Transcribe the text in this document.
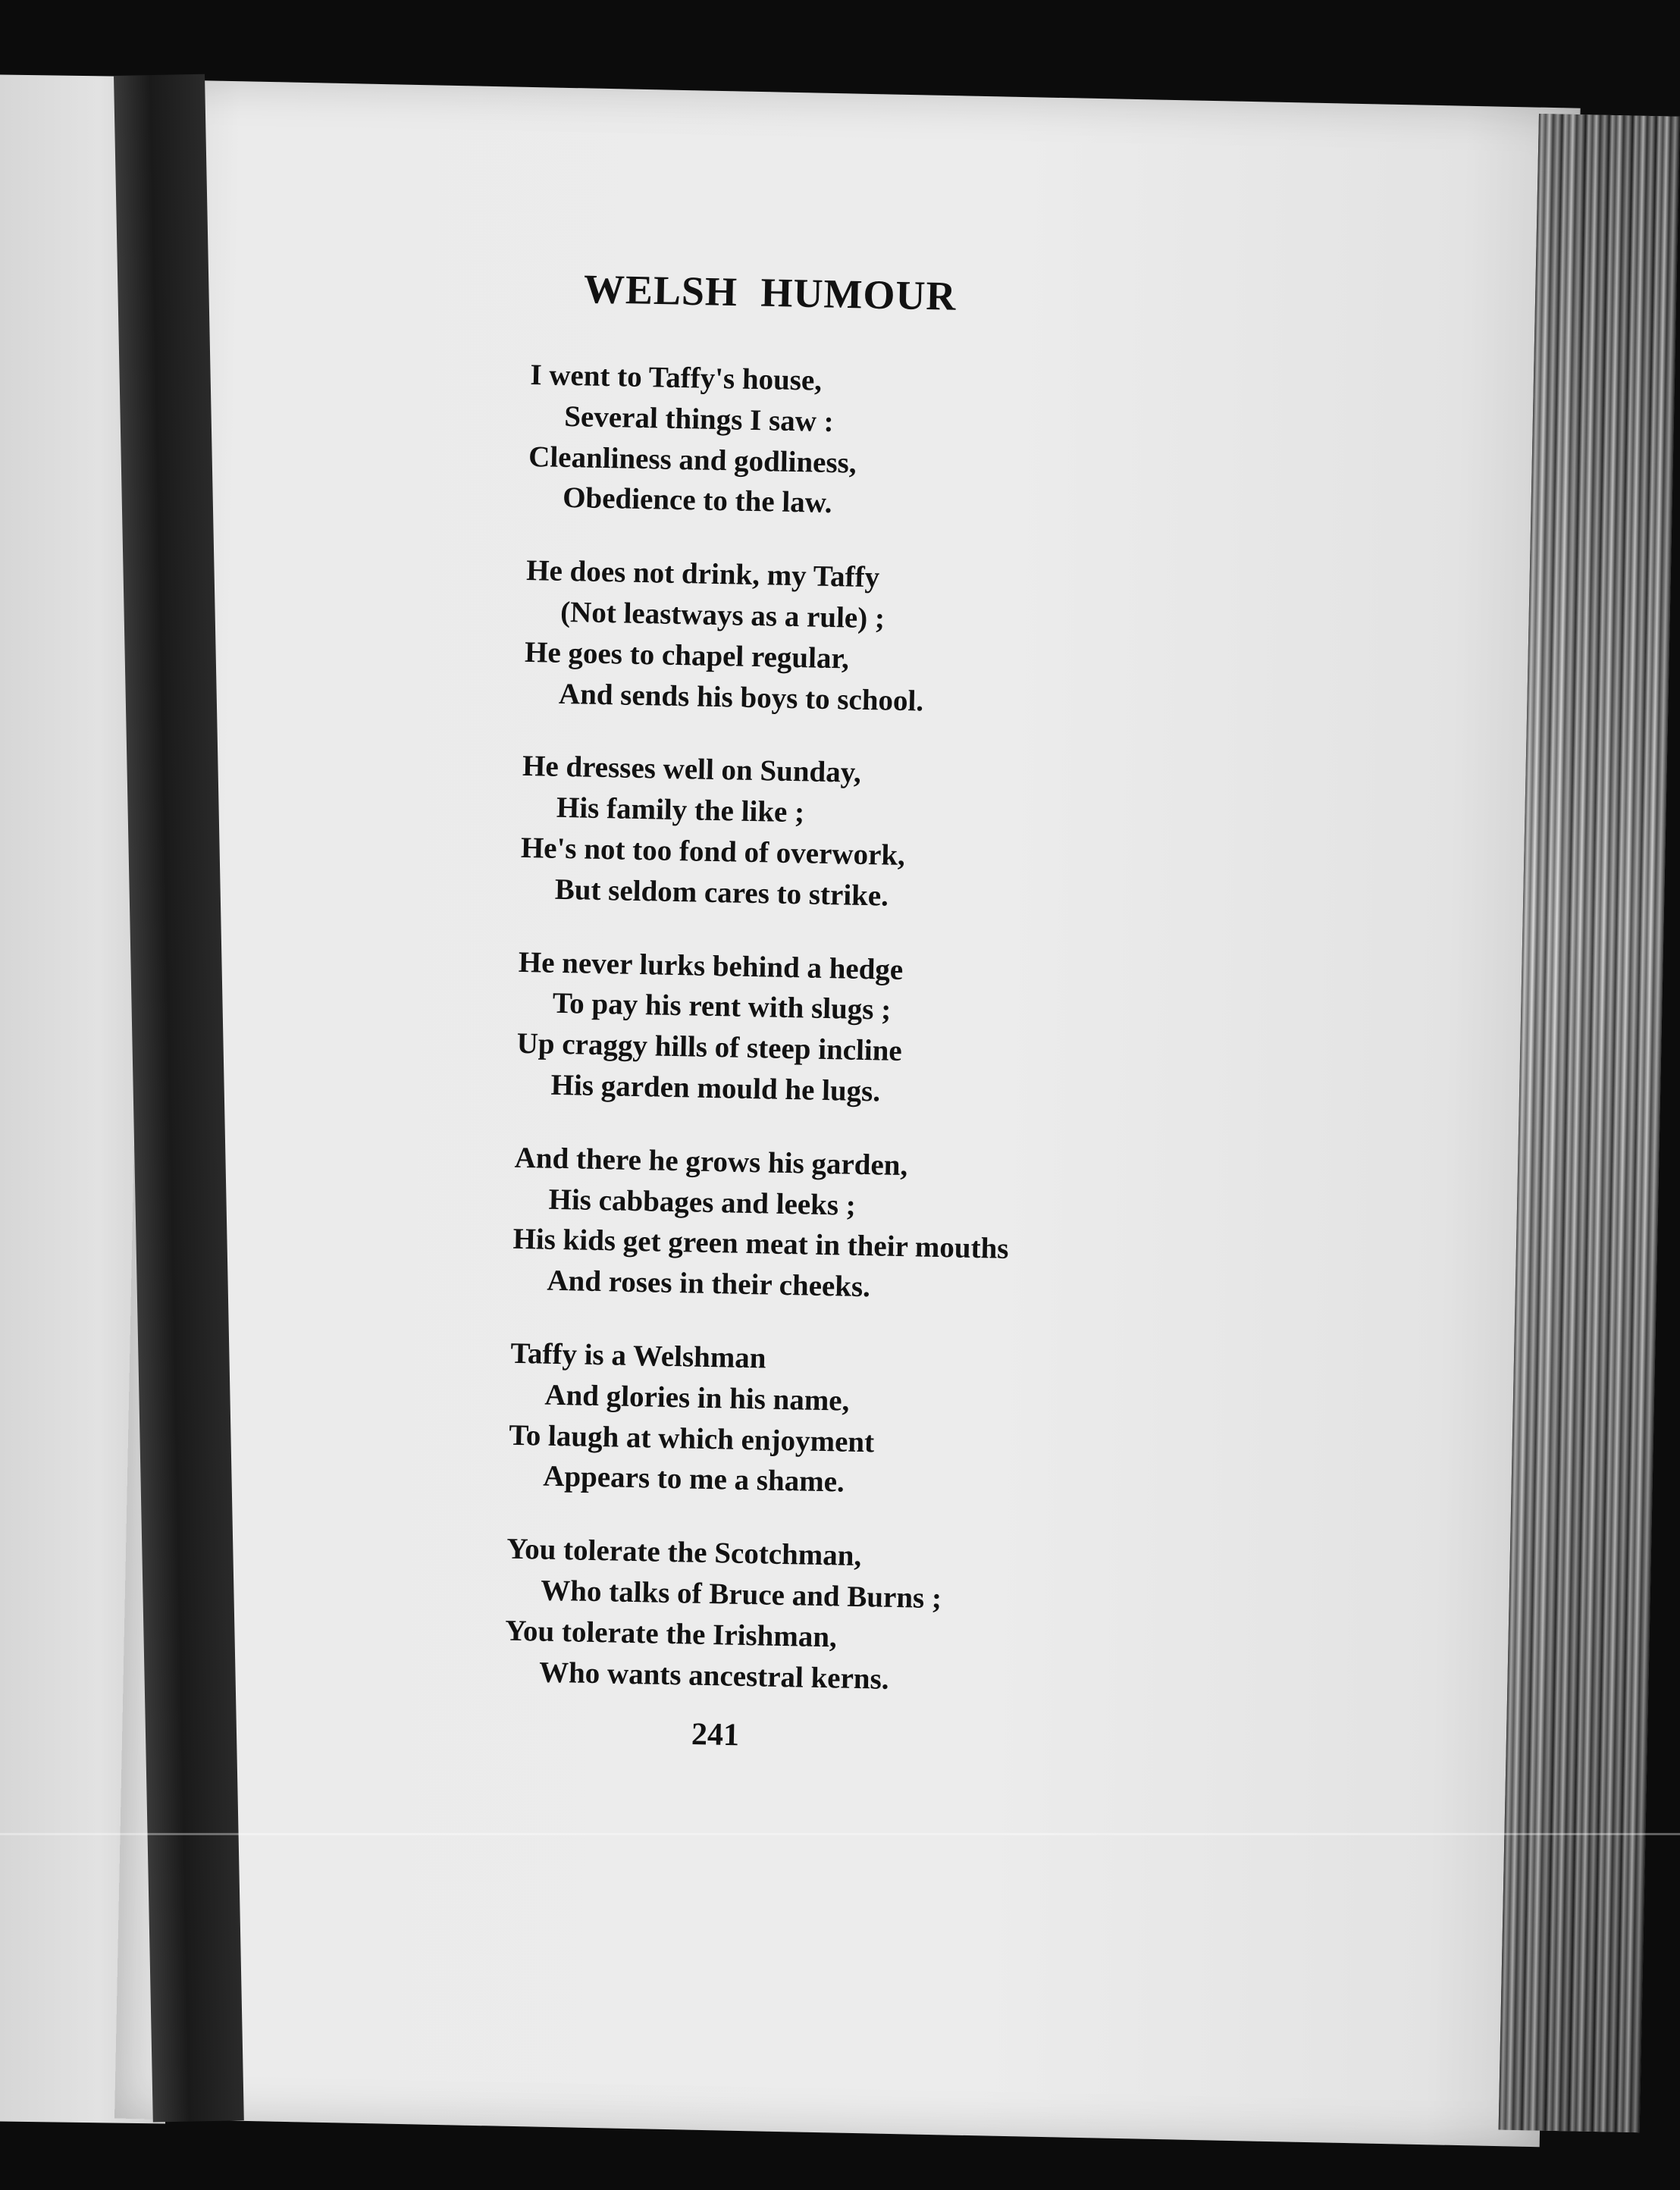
WELSH HUMOUR
I went to Taffy's house,
Several things I saw :
Cleanliness and godliness,
Obedience to the law.
He does not drink, my Taffy
(Not leastways as a rule) ;
He goes to chapel regular,
And sends his boys to school.
He dresses well on Sunday,
His family the like ;
He's not too fond of overwork,
But seldom cares to strike.
He never lurks behind a hedge
To pay his rent with slugs ;
Up craggy hills of steep incline
His garden mould he lugs.
And there he grows his garden,
His cabbages and leeks ;
His kids get green meat in their mouths
And roses in their cheeks.
Taffy is a Welshman
And glories in his name,
To laugh at which enjoyment
Appears to me a shame.
You tolerate the Scotchman,
Who talks of Bruce and Burns ;
You tolerate the Irishman,
Who wants ancestral kerns.
241
